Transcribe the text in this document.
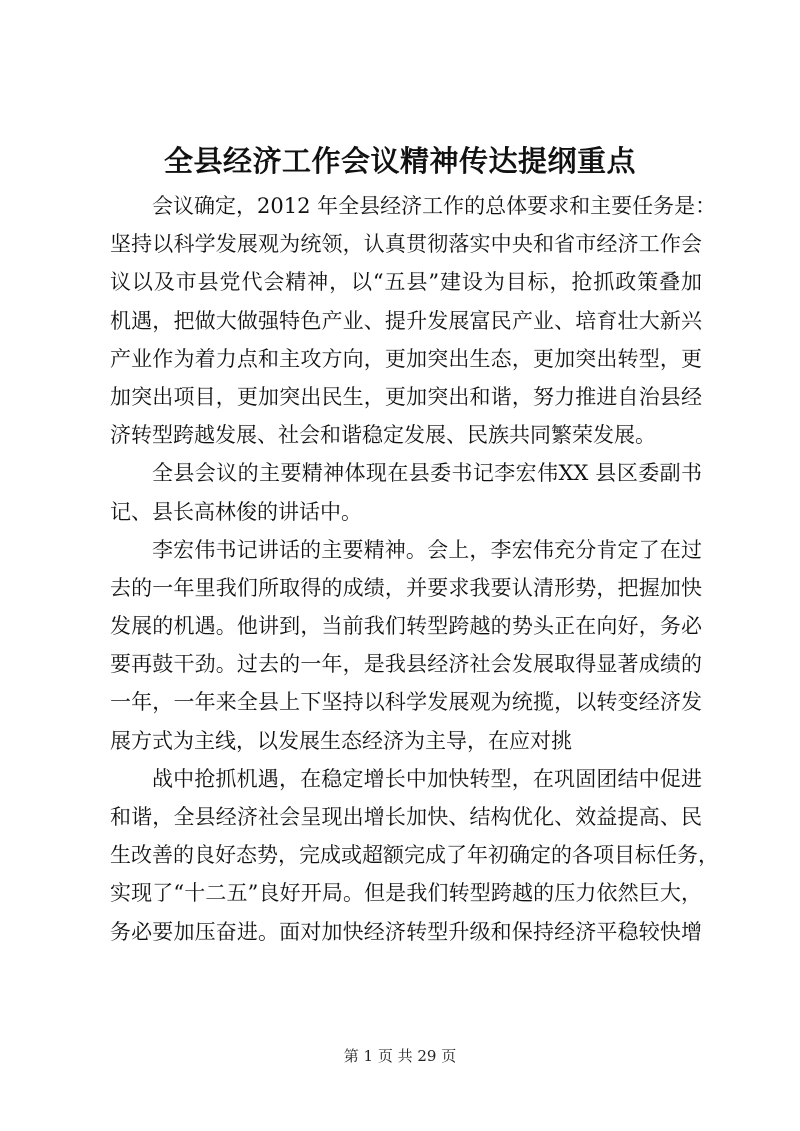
全县经济工作会议精神传达提纲重点
会议确定，2012 年全县经济工作的总体要求和主要任务是：
坚持以科学发展观为统领，认真贯彻落实中央和省市经济工作会
议以及市县党代会精神，以“五县”建设为目标，抢抓政策叠加
机遇，把做大做强特色产业、提升发展富民产业、培育壮大新兴
产业作为着力点和主攻方向，更加突出生态，更加突出转型，更
加突出项目，更加突出民生，更加突出和谐，努力推进自治县经
济转型跨越发展、社会和谐稳定发展、民族共同繁荣发展。
全县会议的主要精神体现在县委书记李宏伟XX 县区委副书
记、县长高林俊的讲话中。
李宏伟书记讲话的主要精神。会上，李宏伟充分肯定了在过
去的一年里我们所取得的成绩，并要求我要认清形势，把握加快
发展的机遇。他讲到，当前我们转型跨越的势头正在向好，务必
要再鼓干劲。过去的一年，是我县经济社会发展取得显著成绩的
一年，一年来全县上下坚持以科学发展观为统揽，以转变经济发
展方式为主线，以发展生态经济为主导，在应对挑
战中抢抓机遇，在稳定增长中加快转型，在巩固团结中促进
和谐，全县经济社会呈现出增长加快、结构优化、效益提高、民
生改善的良好态势，完成或超额完成了年初确定的各项目标任务，
实现了“十二五”良好开局。但是我们转型跨越的压力依然巨大，
务必要加压奋进。面对加快经济转型升级和保持经济平稳较快增
第 1 页 共 29 页
